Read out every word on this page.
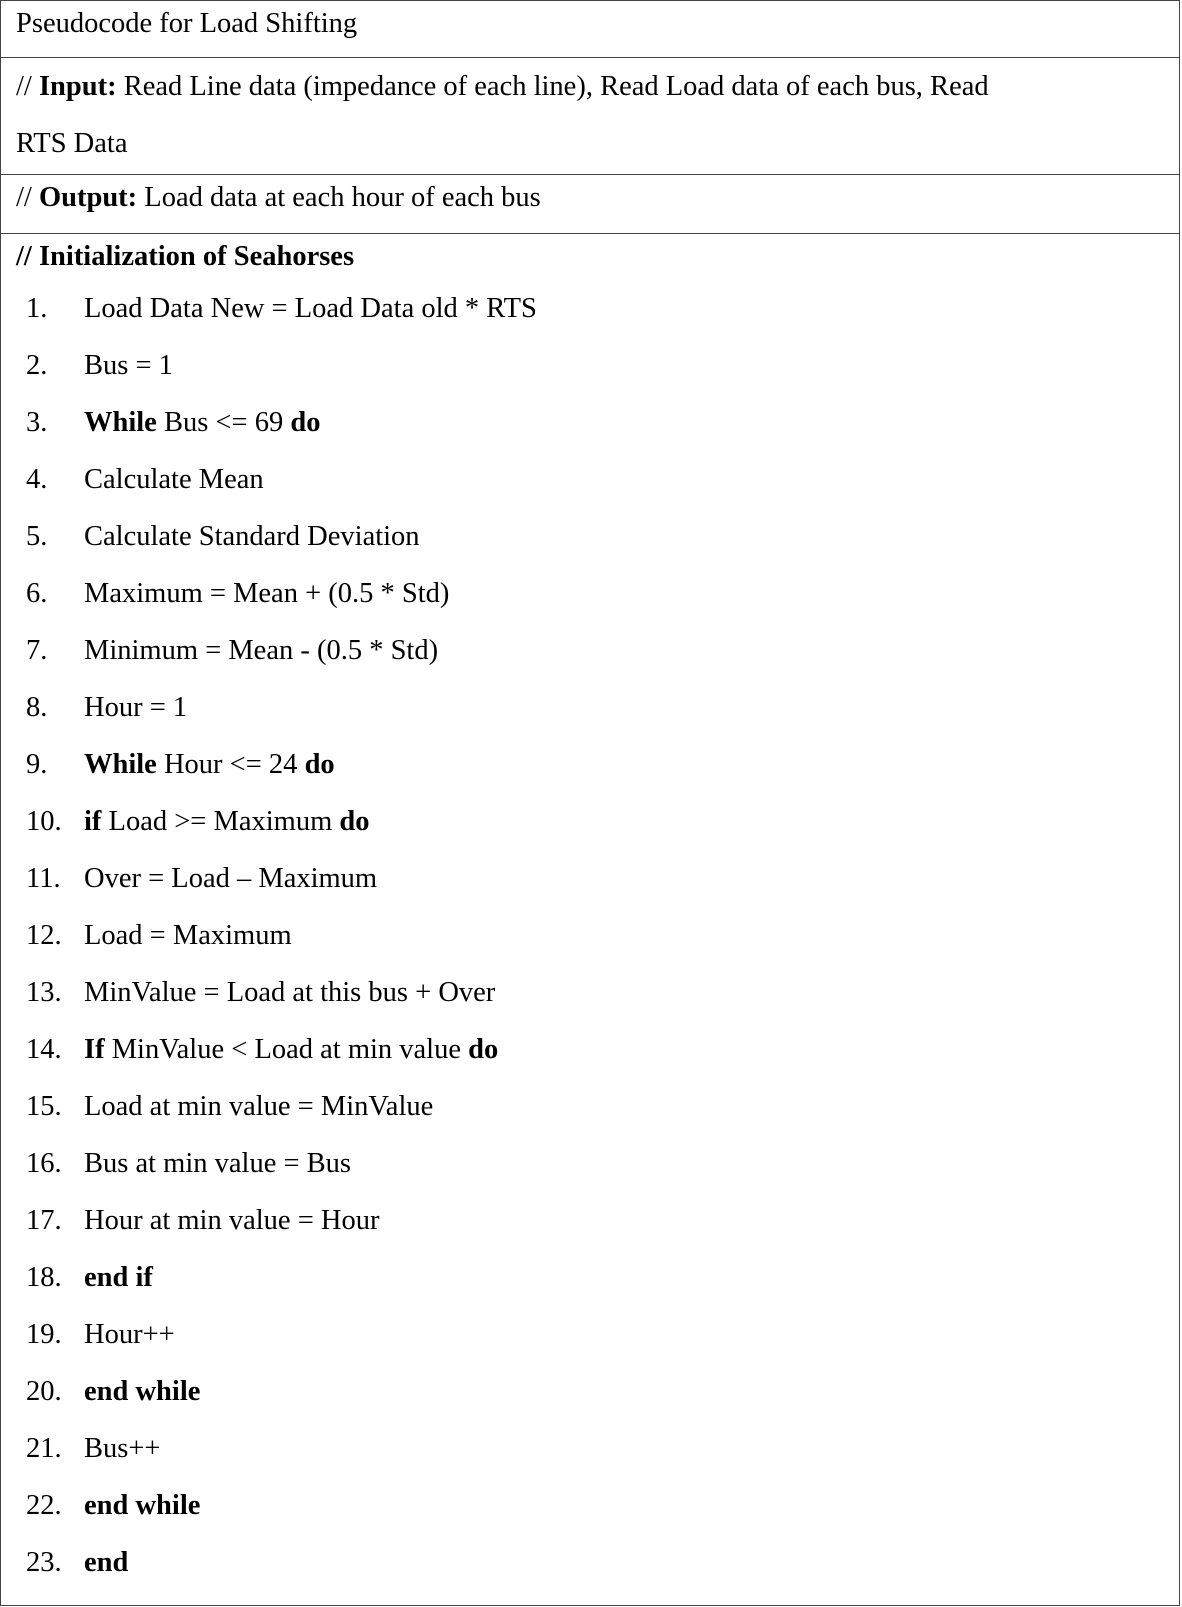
Pseudocode for Load Shifting
// Input: Read Line data (impedance of each line), Read Load data of each bus, Read
RTS Data
// Output: Load data at each hour of each bus
// Initialization of Seahorses
1.	Load Data New = Load Data old * RTS
2.	Bus = 1
3.	While Bus <= 69 do
4.	Calculate Mean
5.	Calculate Standard Deviation
6.	Maximum = Mean + (0.5 * Std)
7.	Minimum = Mean - (0.5 * Std)
8.	Hour = 1
9.	While Hour <= 24 do
10. if Load >= Maximum do
11. Over = Load – Maximum
12. Load = Maximum
13. MinValue = Load at this bus + Over
14. If MinValue < Load at min value do
15. Load at min value = MinValue
16. Bus at min value = Bus
17. Hour at min value = Hour
18. end if
19. Hour++
20. end while
21. Bus++
22. end while
23. end
